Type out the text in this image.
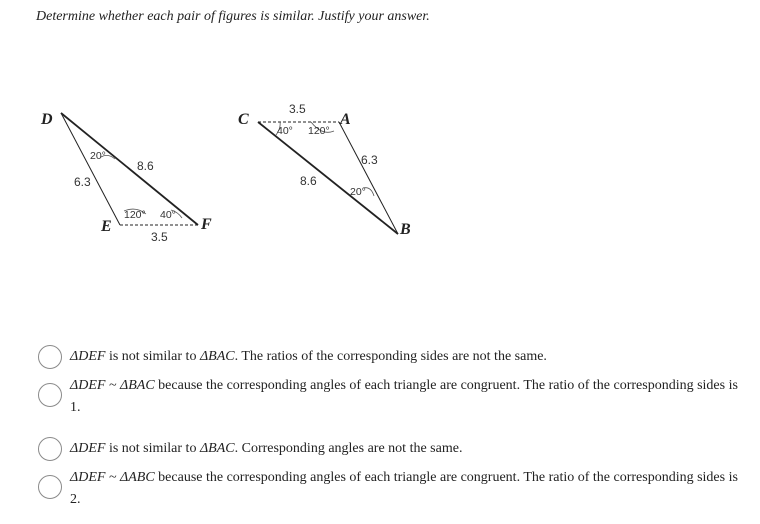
Determine whether each pair of figures is similar. Justify your answer.
D
E	F
6.3
8.6
3.5
20°
120° 40°
C	A
B
3.5
6.3
8.6
40° 120°
20°
ΔDEF is not similar to ΔBAC. The ratios of the corresponding sides are not the same.
ΔDEF ~ ΔBAC because the corresponding angles of each triangle are congruent. The ratio of the corresponding sides is 1.
ΔDEF is not similar to ΔBAC. Corresponding angles are not the same.
ΔDEF ~ ΔABC because the corresponding angles of each triangle are congruent. The ratio of the corresponding sides is 2.
